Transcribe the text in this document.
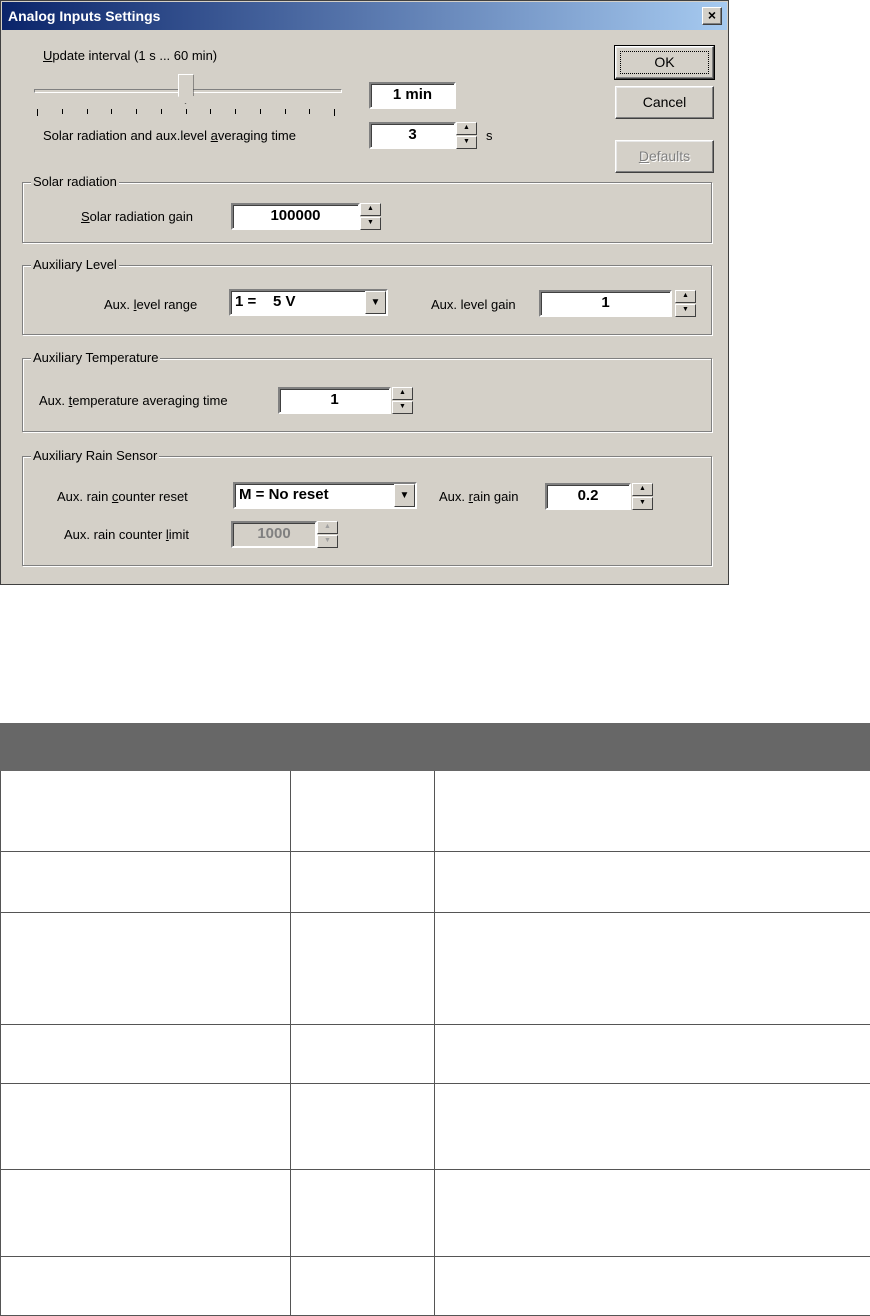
Analog Inputs Settings	×
Update interval (1 s ... 60 min)
1 min
Solar radiation and aux.level averaging time	3	▲
▼	s
OK
Cancel
Defaults
Solar radiation
Solar radiation gain	100000	▲
▼
Auxiliary Level
Aux. level range	1 =    5 V	▼	Aux. level gain	1	▲
▼
Auxiliary Temperature
Aux. temperature averaging time	1	▲
▼
Auxiliary Rain Sensor
Aux. rain counter reset	M = No reset	▼	Aux. rain gain	0.2	▲
▼
Aux. rain counter limit	1000	▲
▼
